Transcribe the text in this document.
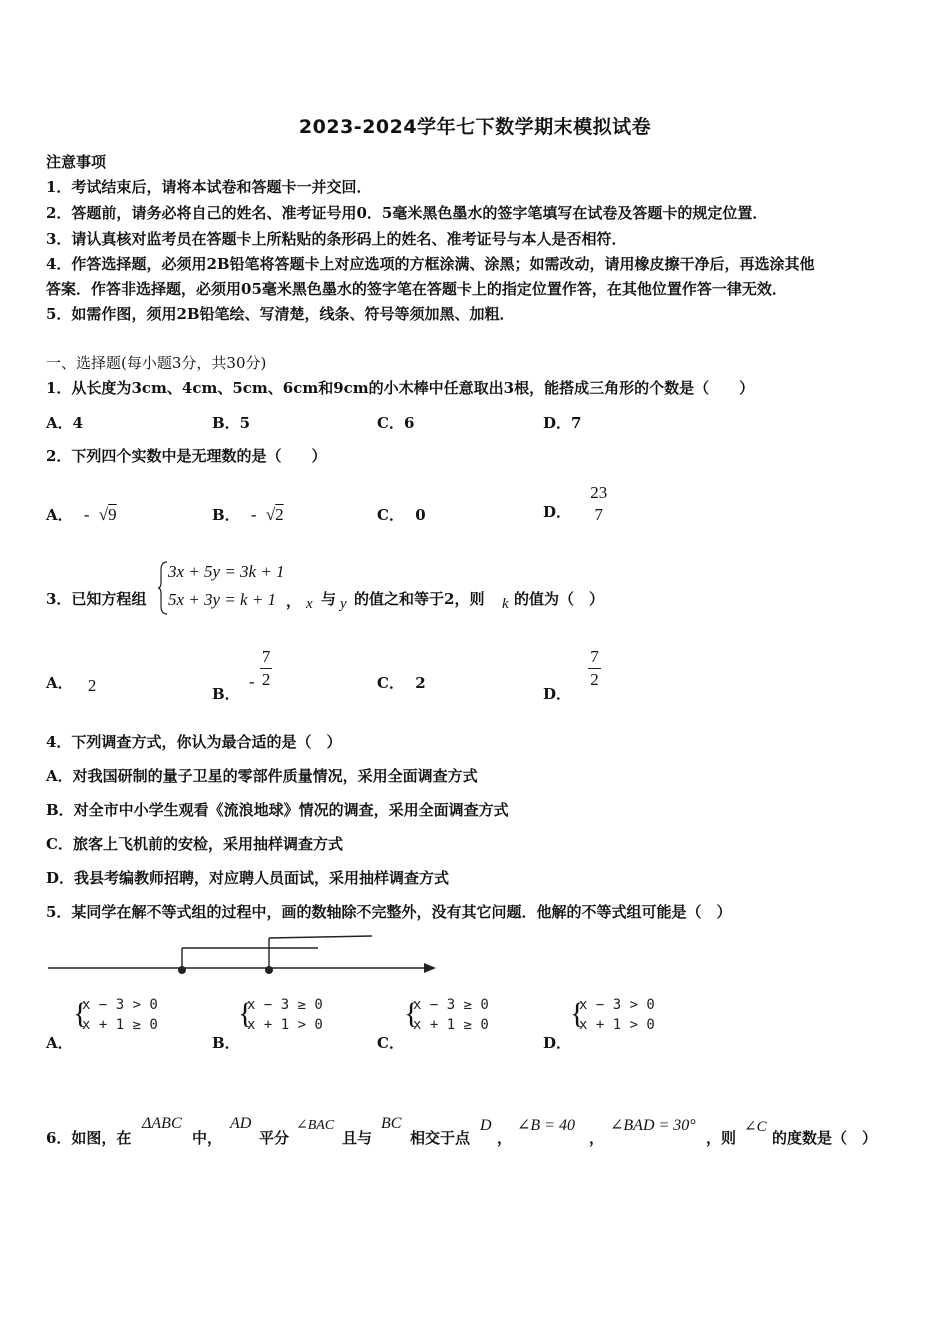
2023-2024学年七下数学期末模拟试卷
注意事项
1．考试结束后，请将本试卷和答题卡一并交回．
2．答题前，请务必将自己的姓名、准考证号用0．5毫米黑色墨水的签字笔填写在试卷及答题卡的规定位置．
3．请认真核对监考员在答题卡上所粘贴的条形码上的姓名、准考证号与本人是否相符．
4．作答选择题，必须用2B铅笔将答题卡上对应选项的方框涂满、涂黑；如需改动，请用橡皮擦干净后，再选涂其他
答案．作答非选择题，必须用05毫米黑色墨水的签字笔在答题卡上的指定位置作答，在其他位置作答一律无效．
5．如需作图，须用2B铅笔绘、写清楚，线条、符号等须加黑、加粗．
一、选择题(每小题3分，共30分)
1．从长度为3cm、4cm、5cm、6cm和9cm的小木棒中任意取出3根，能搭成三角形的个数是（　　）
A．4	B．5	C．6	D．7
2．下列四个实数中是无理数的是（　　）
A． - √9	B． - √2	C． 0	D．
23
7
3．已知方程组
3x + 5y = 3k + 1
5x + 3y = k + 1 ， x 与 y 的值之和等于2，则 k 的值为（　）
A． 2	B． - $\frac{7}{2}$	C． 2
D．
$\frac{7}{2}$
4．下列调查方式，你认为最合适的是（　）
A．对我国研制的量子卫星的零部件质量情况，采用全面调查方式
B．对全市中小学生观看《流浪地球》情况的调查，采用全面调查方式
C．旅客上飞机前的安检，采用抽样调查方式
D．我县考编教师招聘，对应聘人员面试，采用抽样调查方式
5．某同学在解不等式组的过程中，画的数轴除不完整外，没有其它问题．他解的不等式组可能是（　）
{
x − 3 > 0
x + 1 ≥ 0	{
x − 3 ≥ 0
x + 1 > 0	{
x − 3 ≥ 0
x + 1 ≥ 0	{
x − 3 > 0
x + 1 > 0
A．	B．	C．	D．
6．如图，在
ΔABC
中，
AD
平分
∠BAC
且与
BC
相交于点
D
，
∠B = 40
，
∠BAD = 30°
，则
∠C
的度数是（　）
